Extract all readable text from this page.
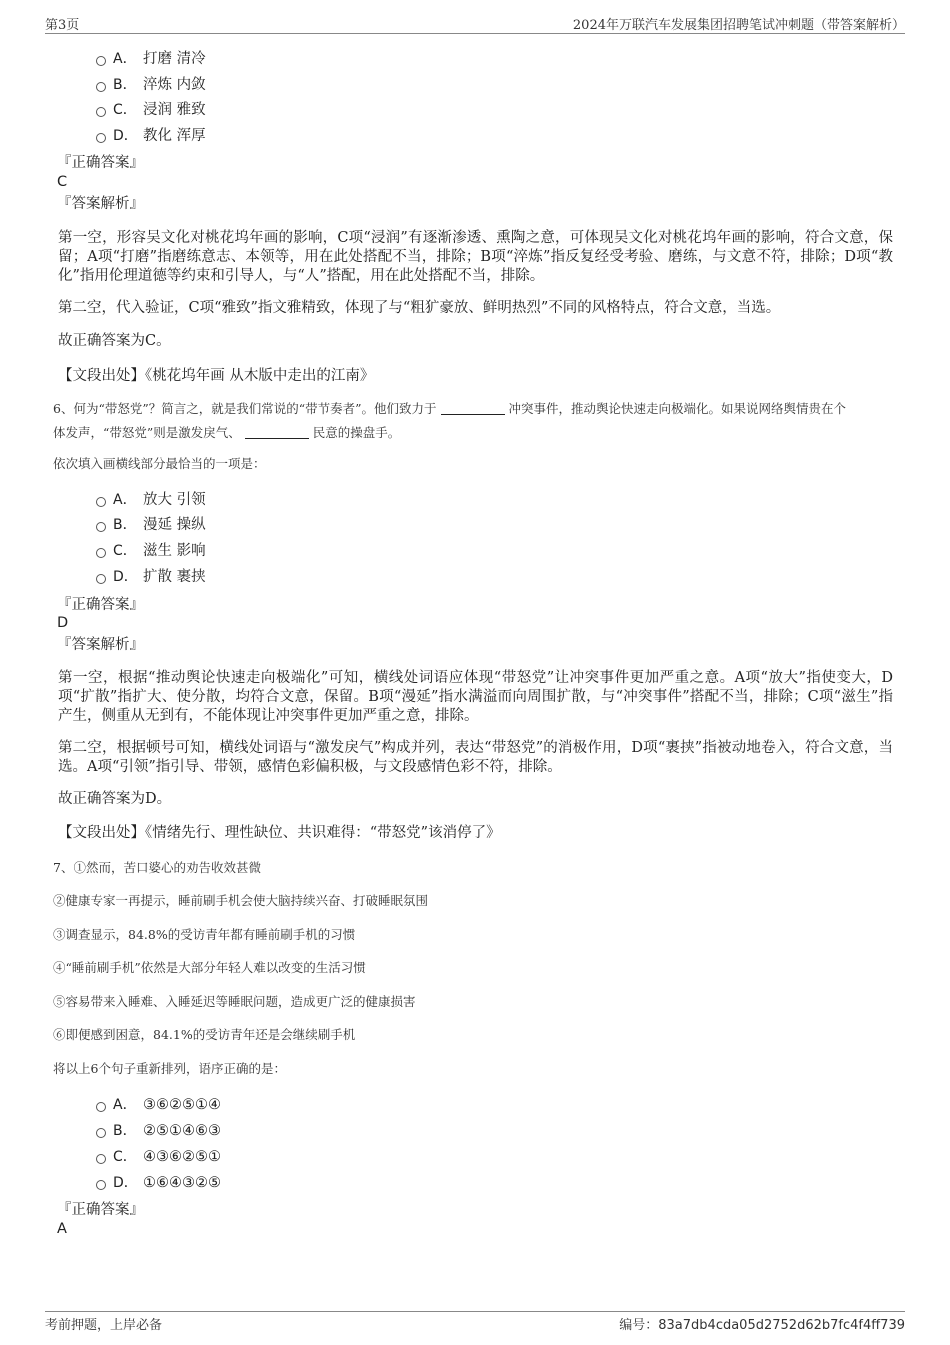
第3页	2024年万联汽车发展集团招聘笔试冲刺题（带答案解析）
A． 打磨 清冷
B． 淬炼 内敛
C． 浸润 雅致
D． 教化 浑厚
『正确答案』
C
『答案解析』
第一空，形容吴文化对桃花坞年画的影响，C项“浸润”有逐渐渗透、熏陶之意，可体现吴文化对桃花坞年画的影响，符合文意，保留；A项“打磨”指磨练意志、本领等，用在此处搭配不当，排除；B项“淬炼”指反复经受考验、磨练，与文意不符，排除；D项“教化”指用伦理道德等约束和引导人，与“人”搭配，用在此处搭配不当，排除。
第二空，代入验证，C项“雅致”指文雅精致，体现了与“粗犷豪放、鲜明热烈”不同的风格特点，符合文意，当选。
故正确答案为C。
【文段出处】《桃花坞年画 从木版中走出的江南》
6、何为“带怒党”？简言之，就是我们常说的“带节奏者”。他们致力于	冲突事件，推动舆论快速走向极端化。如果说网络舆情贵在个
体发声，“带怒党”则是激发戾气、	民意的操盘手。
依次填入画横线部分最恰当的一项是：
A． 放大 引领
B． 漫延 操纵
C． 滋生 影响
D． 扩散 裹挟
『正确答案』
D
『答案解析』
第一空，根据“推动舆论快速走向极端化”可知，横线处词语应体现“带怒党”让冲突事件更加严重之意。A项“放大”指使变大，D项“扩散”指扩大、使分散，均符合文意，保留。B项“漫延”指水满溢而向周围扩散，与“冲突事件”搭配不当，排除；C项“滋生”指产生，侧重从无到有，不能体现让冲突事件更加严重之意，排除。
第二空，根据顿号可知，横线处词语与“激发戾气”构成并列，表达“带怒党”的消极作用，D项“裹挟”指被动地卷入，符合文意，当选。A项“引领”指引导、带领，感情色彩偏积极，与文段感情色彩不符，排除。
故正确答案为D。
【文段出处】《情绪先行、理性缺位、共识难得：“带怒党”该消停了》
7、①然而，苦口婆心的劝告收效甚微
②健康专家一再提示，睡前刷手机会使大脑持续兴奋、打破睡眠氛围
③调查显示，84.8%的受访青年都有睡前刷手机的习惯
④“睡前刷手机”依然是大部分年轻人难以改变的生活习惯
⑤容易带来入睡难、入睡延迟等睡眠问题，造成更广泛的健康损害
⑥即便感到困意，84.1%的受访青年还是会继续刷手机
将以上6个句子重新排列，语序正确的是：
A． ③⑥②⑤①④
B． ②⑤①④⑥③
C． ④③⑥②⑤①
D． ①⑥④③②⑤
『正确答案』
A
考前押题，上岸必备	编号：83a7db4cda05d2752d62b7fc4f4ff739
